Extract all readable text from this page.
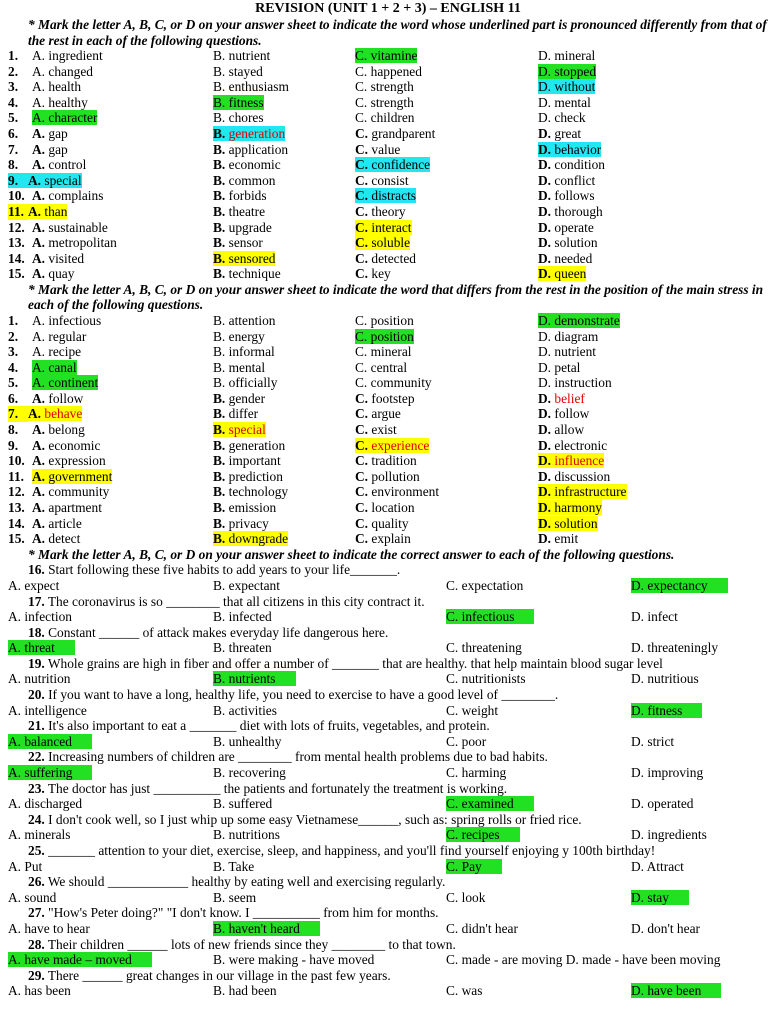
REVISION (UNIT 1 + 2 + 3) – ENGLISH 11
* Mark the letter A, B, C, or D on your answer sheet to indicate the word whose underlined part is pronounced differently from that of the rest in each of the following questions.
1. A. ingredient	B. nutrient	C. vitamine	D. mineral
2. A. changed	B. stayed	C. happened	D. stopped
3. A. health	B. enthusiasm	C. strength	D. without
4. A. healthy	B. fitness	C. strength	D. mental
5. A. character	B. chores	C. children	D. check
6. A. gap	B. generation	C. grandparent	D. great
7. A. gap	B. application	C. value	D. behavior
8. A. control	B. economic	C. confidence	D. condition
9. A. special	B. common	C. consist	D. conflict
10. A. complains	B. forbids	C. distracts	D. follows
11. A. than	B. theatre	C. theory	D. thorough
12. A. sustainable	B. upgrade	C. interact	D. operate
13. A. metropolitan	B. sensor	C. soluble	D. solution
14. A. visited	B. sensored	C. detected	D. needed
15. A. quay	B. technique	C. key	D. queen
* Mark the letter A, B, C, or D on your answer sheet to indicate the word that differs from the rest in the position of the main stress in each of the following questions.
1. A. infectious	B. attention	C. position	D. demonstrate
2. A. regular	B. energy	C. position	D. diagram
3. A. recipe	B. informal	C. mineral	D. nutrient
4. A. canal	B. mental	C. central	D. petal
5. A. continent	B. officially	C. community	D. instruction
6. A. follow	B. gender	C. footstep	D. belief
7. A. behave	B. differ	C. argue	D. follow
8. A. belong	B. special	C. exist	D. allow
9. A. economic	B. generation	C. experience	D. electronic
10. A. expression	B. important	C. tradition	D. influence
11. A. government	B. prediction	C. pollution	D. discussion
12. A. community	B. technology	C. environment	D. infrastructure
13. A. apartment	B. emission	C. location	D. harmony
14. A. article	B. privacy	C. quality	D. solution
15. A. detect	B. downgrade	C. explain	D. emit
* Mark the letter A, B, C, or D on your answer sheet to indicate the correct answer to each of the following questions.
16. Start following these five habits to add years to your life_______.
A. expect	B. expectant	C. expectation	D. expectancy
17. The coronavirus is so ________ that all citizens in this city contract it.
A. infection	B. infected	C. infectious	D. infect
18. Constant ______ of attack makes everyday life dangerous here.
A. threat	B. threaten	C. threatening	D. threateningly
19. Whole grains are high in fiber and offer a number of _______ that are healthy. that help maintain blood sugar level
A. nutrition	B. nutrients	C. nutritionists	D. nutritious
20. If you want to have a long, healthy life, you need to exercise to have a good level of ________.
A. intelligence	B. activities	C. weight	D. fitness
21. It's also important to eat a _______ diet with lots of fruits, vegetables, and protein.
A. balanced	B. unhealthy	C. poor	D. strict
22. Increasing numbers of children are ________ from mental health problems due to bad habits.
A. suffering	B. recovering	C. harming	D. improving
23. The doctor has just __________ the patients and fortunately the treatment is working.
A. discharged	B. suffered	C. examined	D. operated
24. I don't cook well, so I just whip up some easy Vietnamese______, such as: spring rolls or fried rice.
A. minerals	B. nutritions	C. recipes	D. ingredients
25. _______ attention to your diet, exercise, sleep, and happiness, and you'll find yourself enjoying y 100th birthday!
A. Put	B. Take	C. Pay	D. Attract
26. We should ____________ healthy by eating well and exercising regularly.
A. sound	B. seem	C. look	D. stay
27. "How's Peter doing?" "I don't know. I __________ from him for months.
A. have to hear	B. haven't heard	C. didn't hear	D. don't hear
28. Their children ______ lots of new friends since they ________ to that town.
A. have made – moved	B. were making - have moved	C. made - are moving D. made - have been moving
29. There ______ great changes in our village in the past few years.
A. has been	B. had been	C. was	D. have been
